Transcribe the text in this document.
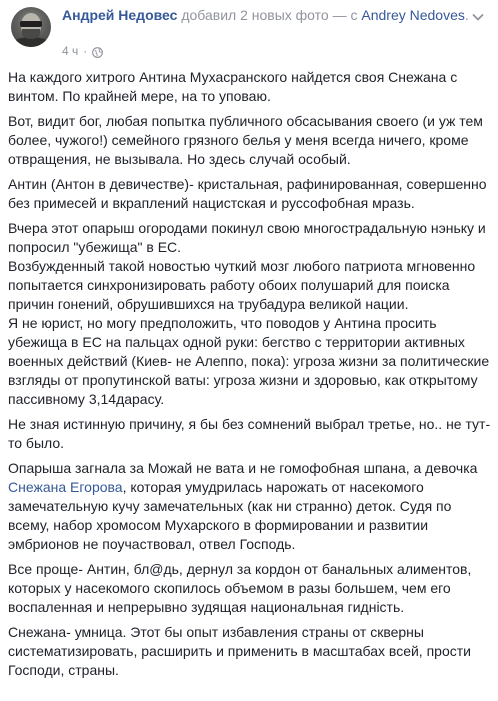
Андрей Недовес добавил 2 новых фото — с Andrey Nedoves.
4 ч ·

На каждого хитрого Антина Мухасранского найдется своя Снежана с винтом. По крайней мере, на то уповаю.

Вот, видит бог, любая попытка публичного обсасывания своего (и уж тем более, чужого!) семейного грязного белья у меня всегда ничего, кроме отвращения, не вызывала. Но здесь случай особый.

Антин (Антон в девичестве)- кристальная, рафинированная, совершенно без примесей и вкраплений нацистская и руссофобная мразь.

Вчера этот опарыш огородами покинул свою многострадальную нэньку и попросил "убежища" в ЕС.

Возбужденный такой новостью чуткий мозг любого патриота мгновенно попытается синхронизировать работу обоих полушарий для поиска причин гонений, обрушившихся на трубадура великой нации.

Я не юрист, но могу предположить, что поводов у Антина просить убежища в ЕС на пальцах одной руки: бегство с территории активных военных действий (Киев- не Алеппо, пока): угроза жизни за политические взгляды от пропутинской ваты: угроза жизни и здоровью, как открытому пассивному 3,14дарасу.

Не зная истинную причину, я бы без сомнений выбрал третье, но.. не тут-то было.

Опарыша загнала за Можай не вата и не гомофобная шпана, а девочка Снежана Егорова, которая умудрилась нарожать от насекомого замечательную кучу замечательных (как ни странно) деток. Судя по всему, набор хромосом Мухарского в формировании и развитии эмбрионов не поучаствовал, отвел Господь.

Все проще- Антин, бл@дь, дернул за кордон от банальных алиментов, которых у насекомого скопилось объемом в разы большем, чем его воспаленная и непрерывно зудящая национальная гидність.

Снежана- умница. Этот бы опыт избавления страны от скверны систематизировать, расширить и применить в масштабах всей, прости Господи, страны.
